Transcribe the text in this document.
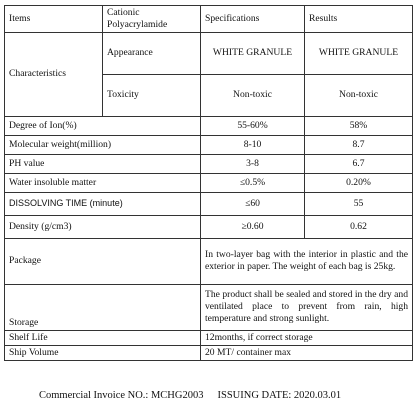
Items	Cationic Polyacrylamide	Specifications	Results
Characteristics	Appearance	WHITE GRANULE	WHITE GRANULE
	Toxicity	Non-toxic	Non-toxic
Degree of Ion(%)		55-60%	58%
Molecular weight(million)		8-10	8.7
PH value		3-8	6.7
Water insoluble matter		≤0.5%	0.20%
DISSOLVING TIME (minute)		≤60	55
Density (g/cm3)		≥0.60	0.62
Package		In two-layer bag with the interior in plastic and the exterior in paper. The weight of each bag is 25kg.	
Storage		The product shall be sealed and stored in the dry and ventilated place to prevent from rain, high temperature and strong sunlight.	
Shelf Life		12months, if correct storage	
Ship Volume		20 MT/ container max	
Commercial Invoice NO.: MCHG2003 ISSUING DATE: 2020.03.01
